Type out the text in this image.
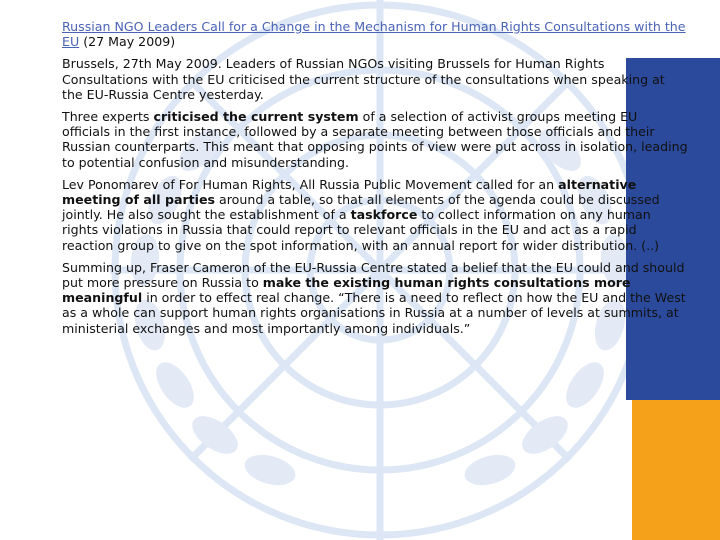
Russian NGO Leaders Call for a Change in the Mechanism for Human Rights Consultations with the EU (27 May 2009)

Brussels, 27th May 2009. Leaders of Russian NGOs visiting Brussels for Human Rights Consultations with the EU criticised the current structure of the consultations when speaking at the EU-Russia Centre yesterday.

Three experts criticised the current system of a selection of activist groups meeting EU officials in the first instance, followed by a separate meeting between those officials and their Russian counterparts. This meant that opposing points of view were put across in isolation, leading to potential confusion and misunderstanding.

Lev Ponomarev of For Human Rights, All Russia Public Movement called for an alternative meeting of all parties around a table, so that all elements of the agenda could be discussed jointly. He also sought the establishment of a taskforce to collect information on any human rights violations in Russia that could report to relevant officials in the EU and act as a rapid reaction group to give on the spot information, with an annual report for wider distribution. (..)

Summing up, Fraser Cameron of the EU-Russia Centre stated a belief that the EU could and should put more pressure on Russia to make the existing human rights consultations more meaningful in order to effect real change. “There is a need to reflect on how the EU and the West as a whole can support human rights organisations in Russia at a number of levels at summits, at ministerial exchanges and most importantly among individuals.”
